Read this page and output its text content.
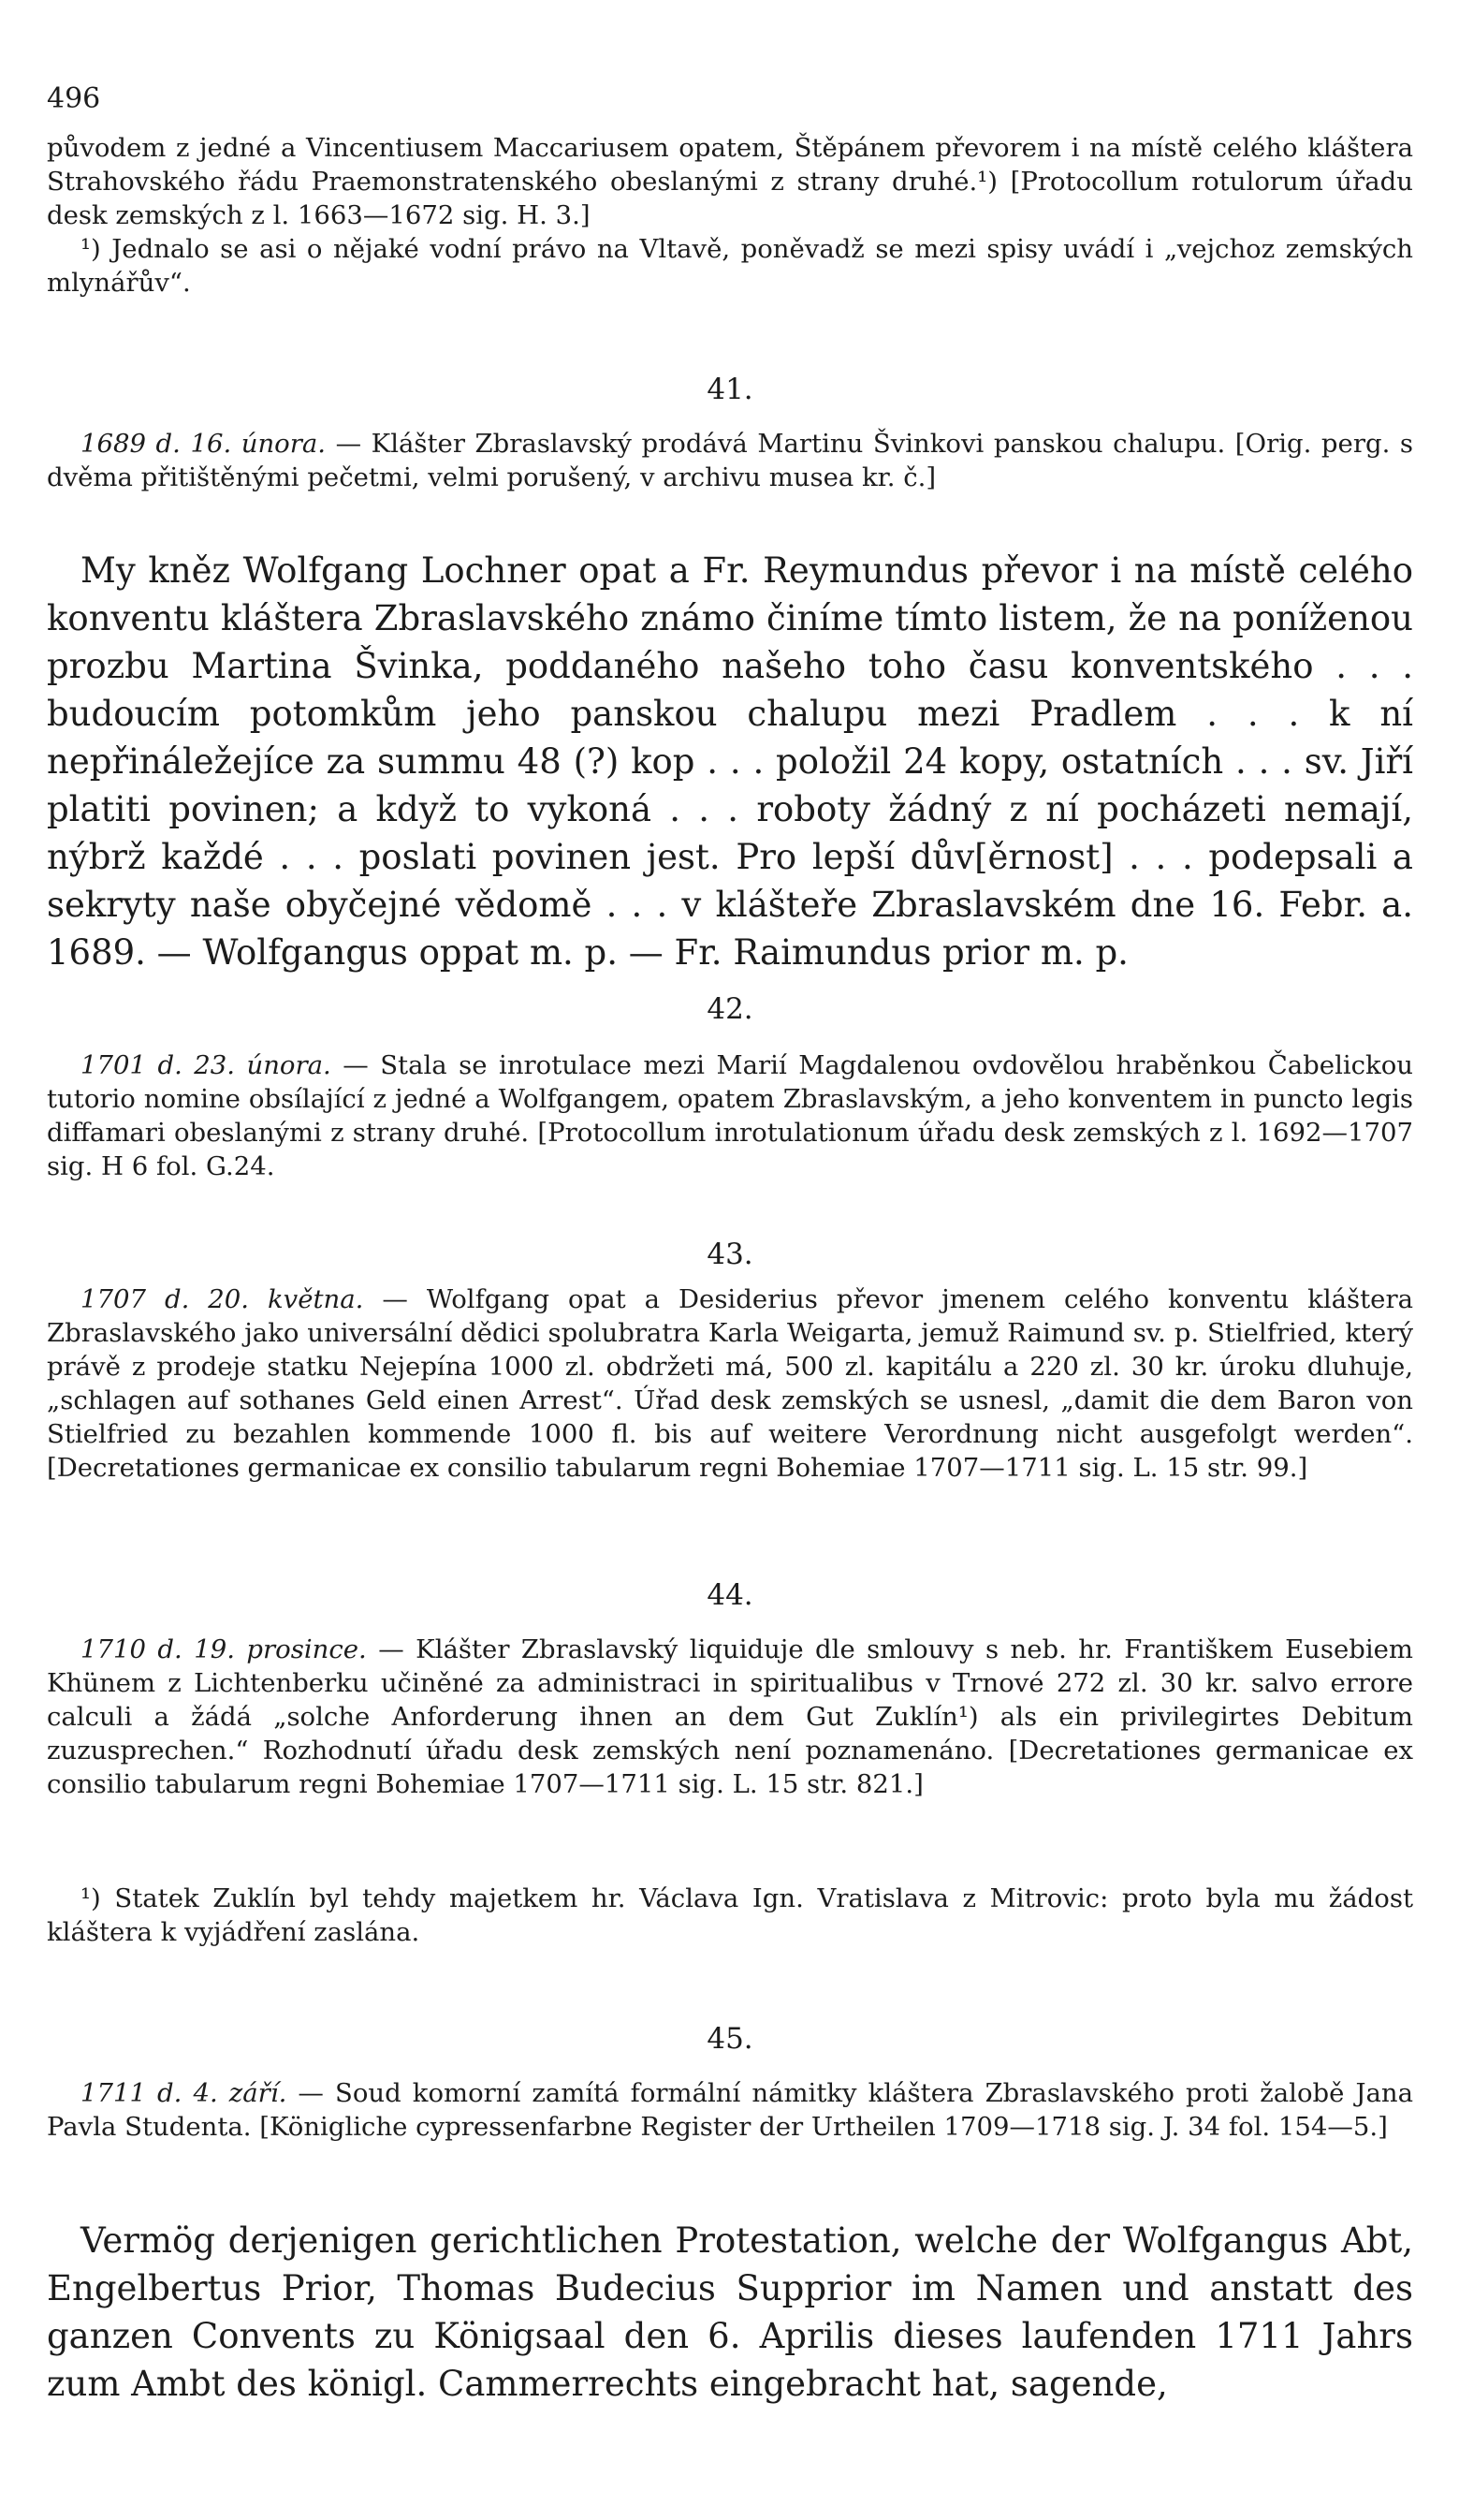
496

původem z jedné a Vincentiusem Maccariusem opatem, Štěpánem převorem i na místě celého kláštera Strahovského řádu Praemonstratenského obeslanými z strany druhé.¹) [Protocollum rotulorum úřadu desk zemských z l. 1663—1672 sig. H. 3.]

¹) Jednalo se asi o nějaké vodní právo na Vltavě, poněvadž se mezi spisy uvádí i „vejchoz zemských mlynářův“.

41.

1689 d. 16. února. — Klášter Zbraslavský prodává Martinu Švinkovi panskou chalupu. [Orig. perg. s dvěma přitištěnými pečetmi, velmi porušený, v archivu musea kr. č.]

My kněz Wolfgang Lochner opat a Fr. Reymundus převor i na místě celého konventu kláštera Zbraslavského známo činíme tímto listem, že na poníženou prozbu Martina Švinka, poddaného našeho toho času konventského . . . budoucím potomkům jeho panskou chalupu mezi Pradlem . . . k ní nepřináležejíce za summu 48 (?) kop . . . položil 24 kopy, ostatních . . . sv. Jiří platiti povinen; a když to vykoná . . . roboty žádný z ní pocházeti nemají, nýbrž každé . . . poslati povinen jest. Pro lepší dův[ěrnost] . . . podepsali a sekryty naše obyčejné vědomě . . . v klášteře Zbraslavském dne 16. Febr. a. 1689. — Wolfgangus oppat m. p. — Fr. Raimundus prior m. p.

42.

1701 d. 23. února. — Stala se inrotulace mezi Marií Magdalenou ovdovělou hraběnkou Čabelickou tutorio nomine obsílající z jedné a Wolfgangem, opatem Zbraslavským, a jeho konventem in puncto legis diffamari obeslanými z strany druhé. [Protocollum inrotulationum úřadu desk zemských z l. 1692—1707 sig. H 6 fol. G.24.

43.

1707 d. 20. května. — Wolfgang opat a Desiderius převor jmenem celého konventu kláštera Zbraslavského jako universální dědici spolubratra Karla Weigarta, jemuž Raimund sv. p. Stielfried, který právě z prodeje statku Nejepína 1000 zl. obdržeti má, 500 zl. kapitálu a 220 zl. 30 kr. úroku dluhuje, „schlagen auf sothanes Geld einen Arrest“. Úřad desk zemských se usnesl, „damit die dem Baron von Stielfried zu bezahlen kommende 1000 fl. bis auf weitere Verordnung nicht ausgefolgt werden“. [Decretationes germanicae ex consilio tabularum regni Bohemiae 1707—1711 sig. L. 15 str. 99.]

44.

1710 d. 19. prosince. — Klášter Zbraslavský liquiduje dle smlouvy s neb. hr. Františkem Eusebiem Khünem z Lichtenberku učiněné za administraci in spiritualibus v Trnové 272 zl. 30 kr. salvo errore calculi a žádá „solche Anforderung ihnen an dem Gut Zuklín¹) als ein privilegirtes Debitum zuzusprechen.“ Rozhodnutí úřadu desk zemských není poznamenáno. [Decretationes germanicae ex consilio tabularum regni Bohemiae 1707—1711 sig. L. 15 str. 821.]

¹) Statek Zuklín byl tehdy majetkem hr. Václava Ign. Vratislava z Mitrovic: proto byla mu žádost kláštera k vyjádření zaslána.

45.

1711 d. 4. září. — Soud komorní zamítá formální námitky kláštera Zbraslavského proti žalobě Jana Pavla Studenta. [Königliche cypressenfarbne Register der Urtheilen 1709—1718 sig. J. 34 fol. 154—5.]

Vermög derjenigen gerichtlichen Protestation, welche der Wolfgangus Abt, Engelbertus Prior, Thomas Budecius Supprior im Namen und anstatt des ganzen Convents zu Königsaal den 6. Aprilis dieses laufenden 1711 Jahrs zum Ambt des königl. Cammerrechts eingebracht hat, sagende,
